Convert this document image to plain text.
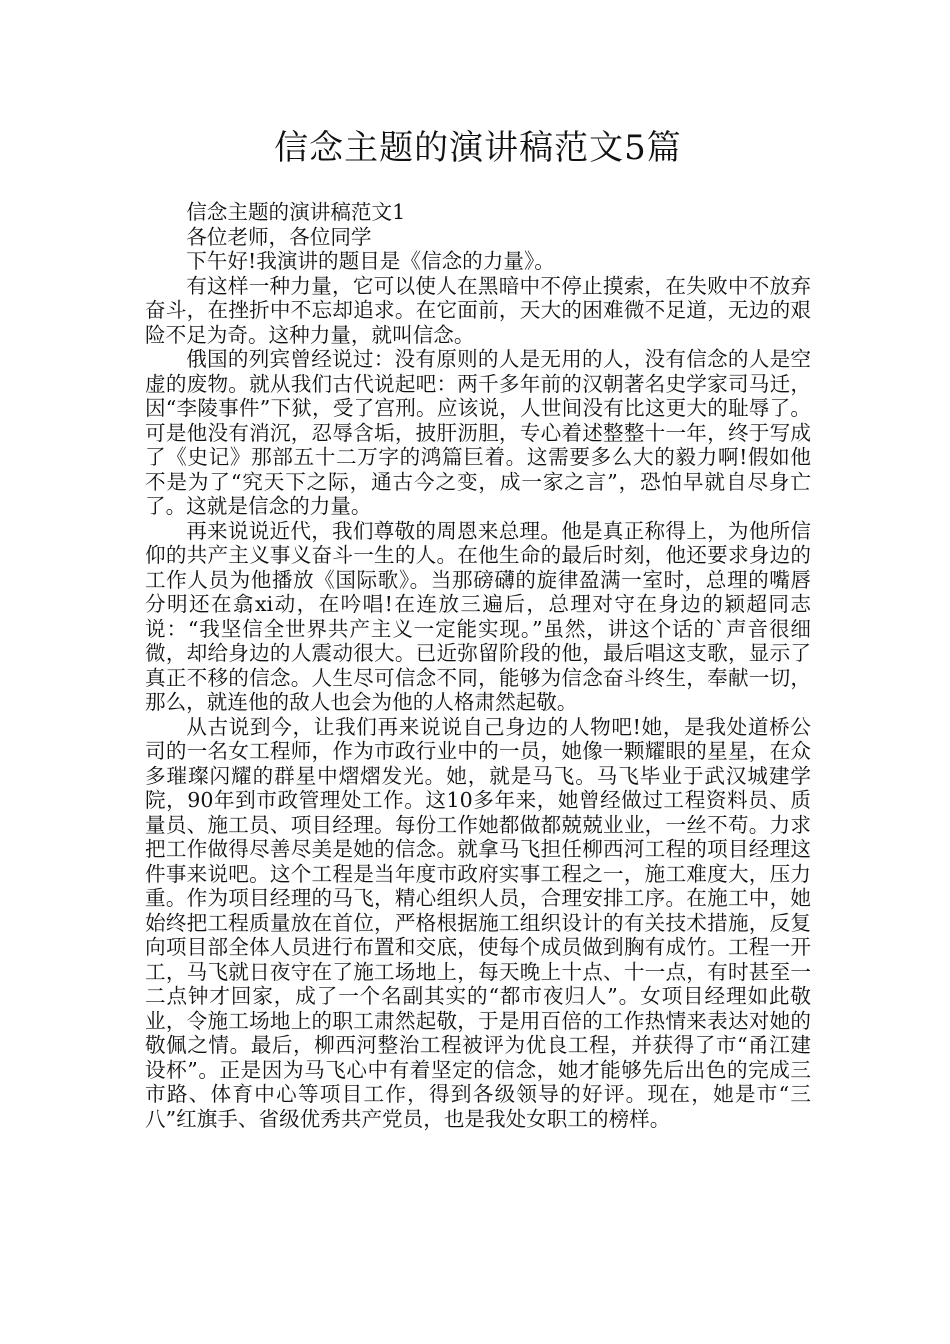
信念主题的演讲稿范文5篇

信念主题的演讲稿范文1

各位老师，各位同学

下午好!我演讲的题目是《信念的力量》。

有这样一种力量，它可以使人在黑暗中不停止摸索，在失败中不放弃奋斗，在挫折中不忘却追求。在它面前，天大的困难微不足道，无边的艰险不足为奇。这种力量，就叫信念。

俄国的列宾曾经说过：没有原则的人是无用的人，没有信念的人是空虚的废物。就从我们古代说起吧：两千多年前的汉朝著名史学家司马迁，因“李陵事件”下狱，受了宫刑。应该说，人世间没有比这更大的耻辱了。可是他没有消沉，忍辱含垢，披肝沥胆，专心着述整整十一年，终于写成了《史记》那部五十二万字的鸿篇巨着。这需要多么大的毅力啊!假如他不是为了“究天下之际，通古今之变，成一家之言”，恐怕早就自尽身亡了。这就是信念的力量。

再来说说近代，我们尊敬的周恩来总理。他是真正称得上，为他所信仰的共产主义事义奋斗一生的人。在他生命的最后时刻，他还要求身边的工作人员为他播放《国际歌》。当那磅礴的旋律盈满一室时，总理的嘴唇分明还在翕xi动，在吟唱!在连放三遍后，总理对守在身边的颖超同志说：“我坚信全世界共产主义一定能实现。”虽然，讲这个话的`声音很细微，却给身边的人震动很大。已近弥留阶段的他，最后唱这支歌，显示了真正不移的信念。人生尽可信念不同，能够为信念奋斗终生，奉献一切，那么，就连他的敌人也会为他的人格肃然起敬。

从古说到今，让我们再来说说自己身边的人物吧!她，是我处道桥公司的一名女工程师，作为市政行业中的一员，她像一颗耀眼的星星，在众多璀璨闪耀的群星中熠熠发光。她，就是马飞。马飞毕业于武汉城建学院，90年到市政管理处工作。这10多年来，她曾经做过工程资料员、质量员、施工员、项目经理。每份工作她都做都兢兢业业，一丝不苟。力求把工作做得尽善尽美是她的信念。就拿马飞担任柳西河工程的项目经理这件事来说吧。这个工程是当年度市政府实事工程之一，施工难度大，压力重。作为项目经理的马飞，精心组织人员，合理安排工序。在施工中，她始终把工程质量放在首位，严格根据施工组织设计的有关技术措施，反复向项目部全体人员进行布置和交底，使每个成员做到胸有成竹。工程一开工，马飞就日夜守在了施工场地上，每天晚上十点、十一点，有时甚至一二点钟才回家，成了一个名副其实的“都市夜归人”。女项目经理如此敬业，令施工场地上的职工肃然起敬，于是用百倍的工作热情来表达对她的敬佩之情。最后，柳西河整治工程被评为优良工程，并获得了市“甬江建设杯”。正是因为马飞心中有着坚定的信念，她才能够先后出色的完成三市路、体育中心等项目工作，得到各级领导的好评。现在，她是市“三八”红旗手、省级优秀共产党员，也是我处女职工的榜样。
